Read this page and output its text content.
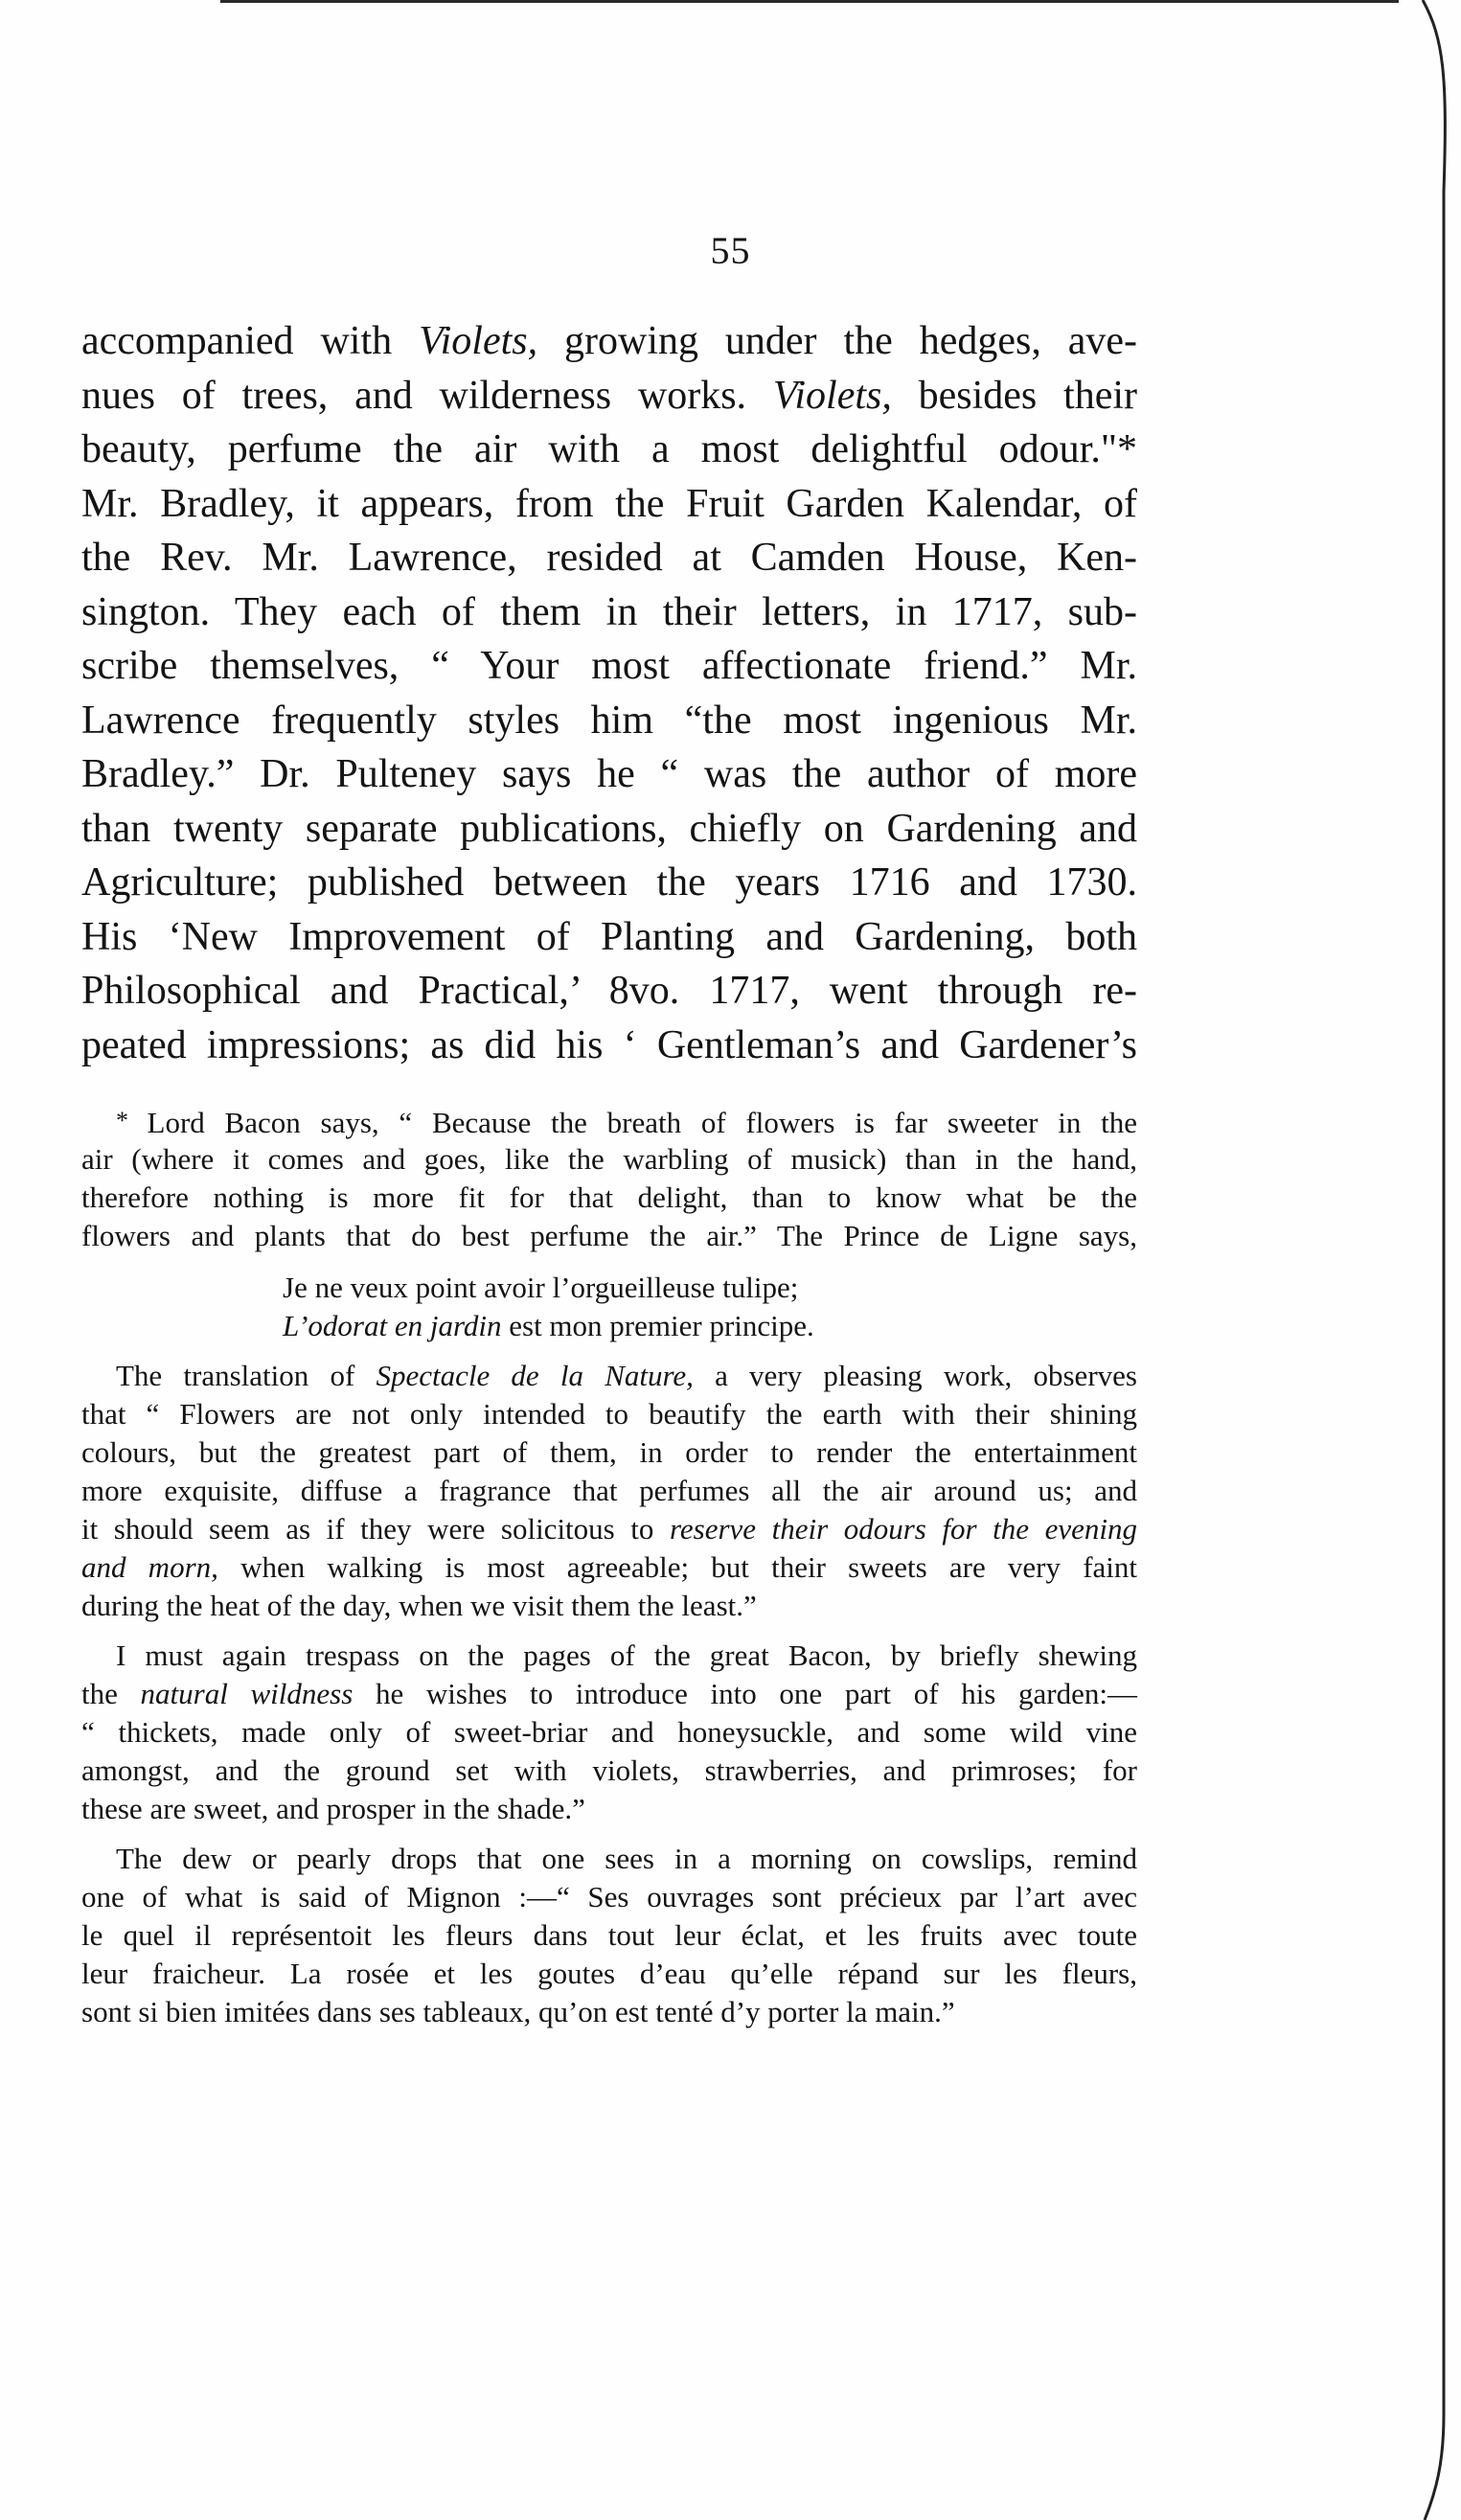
55
accompanied with Violets, growing under the hedges, ave-
nues of trees, and wilderness works. Violets, besides their
beauty, perfume the air with a most delightful odour."*
Mr. Bradley, it appears, from the Fruit Garden Kalendar, of
the Rev. Mr. Lawrence, resided at Camden House, Ken-
sington. They each of them in their letters, in 1717, sub-
scribe themselves, “ Your most affectionate friend.” Mr.
Lawrence frequently styles him “the most ingenious Mr.
Bradley.” Dr. Pulteney says he “ was the author of more
than twenty separate publications, chiefly on Gardening and
Agriculture; published between the years 1716 and 1730.
His ‘New Improvement of Planting and Gardening, both
Philosophical and Practical,’ 8vo. 1717, went through re-
peated impressions; as did his ‘ Gentleman’s and Gardener’s
* Lord Bacon says, “ Because the breath of flowers is far sweeter in the
air (where it comes and goes, like the warbling of musick) than in the hand,
therefore nothing is more fit for that delight, than to know what be the
flowers and plants that do best perfume the air.” The Prince de Ligne says,
Je ne veux point avoir l’orgueilleuse tulipe;
L’odorat en jardin est mon premier principe.
The translation of Spectacle de la Nature, a very pleasing work, observes
that “ Flowers are not only intended to beautify the earth with their shining
colours, but the greatest part of them, in order to render the entertainment
more exquisite, diffuse a fragrance that perfumes all the air around us; and
it should seem as if they were solicitous to reserve their odours for the evening
and morn, when walking is most agreeable; but their sweets are very faint
during the heat of the day, when we visit them the least.”
I must again trespass on the pages of the great Bacon, by briefly shewing
the natural wildness he wishes to introduce into one part of his garden:—
“ thickets, made only of sweet-briar and honeysuckle, and some wild vine
amongst, and the ground set with violets, strawberries, and primroses; for
these are sweet, and prosper in the shade.”
The dew or pearly drops that one sees in a morning on cowslips, remind
one of what is said of Mignon :—“ Ses ouvrages sont précieux par l’art avec
le quel il représentoit les fleurs dans tout leur éclat, et les fruits avec toute
leur fraicheur. La rosée et les goutes d’eau qu’elle répand sur les fleurs,
sont si bien imitées dans ses tableaux, qu’on est tenté d’y porter la main.”
